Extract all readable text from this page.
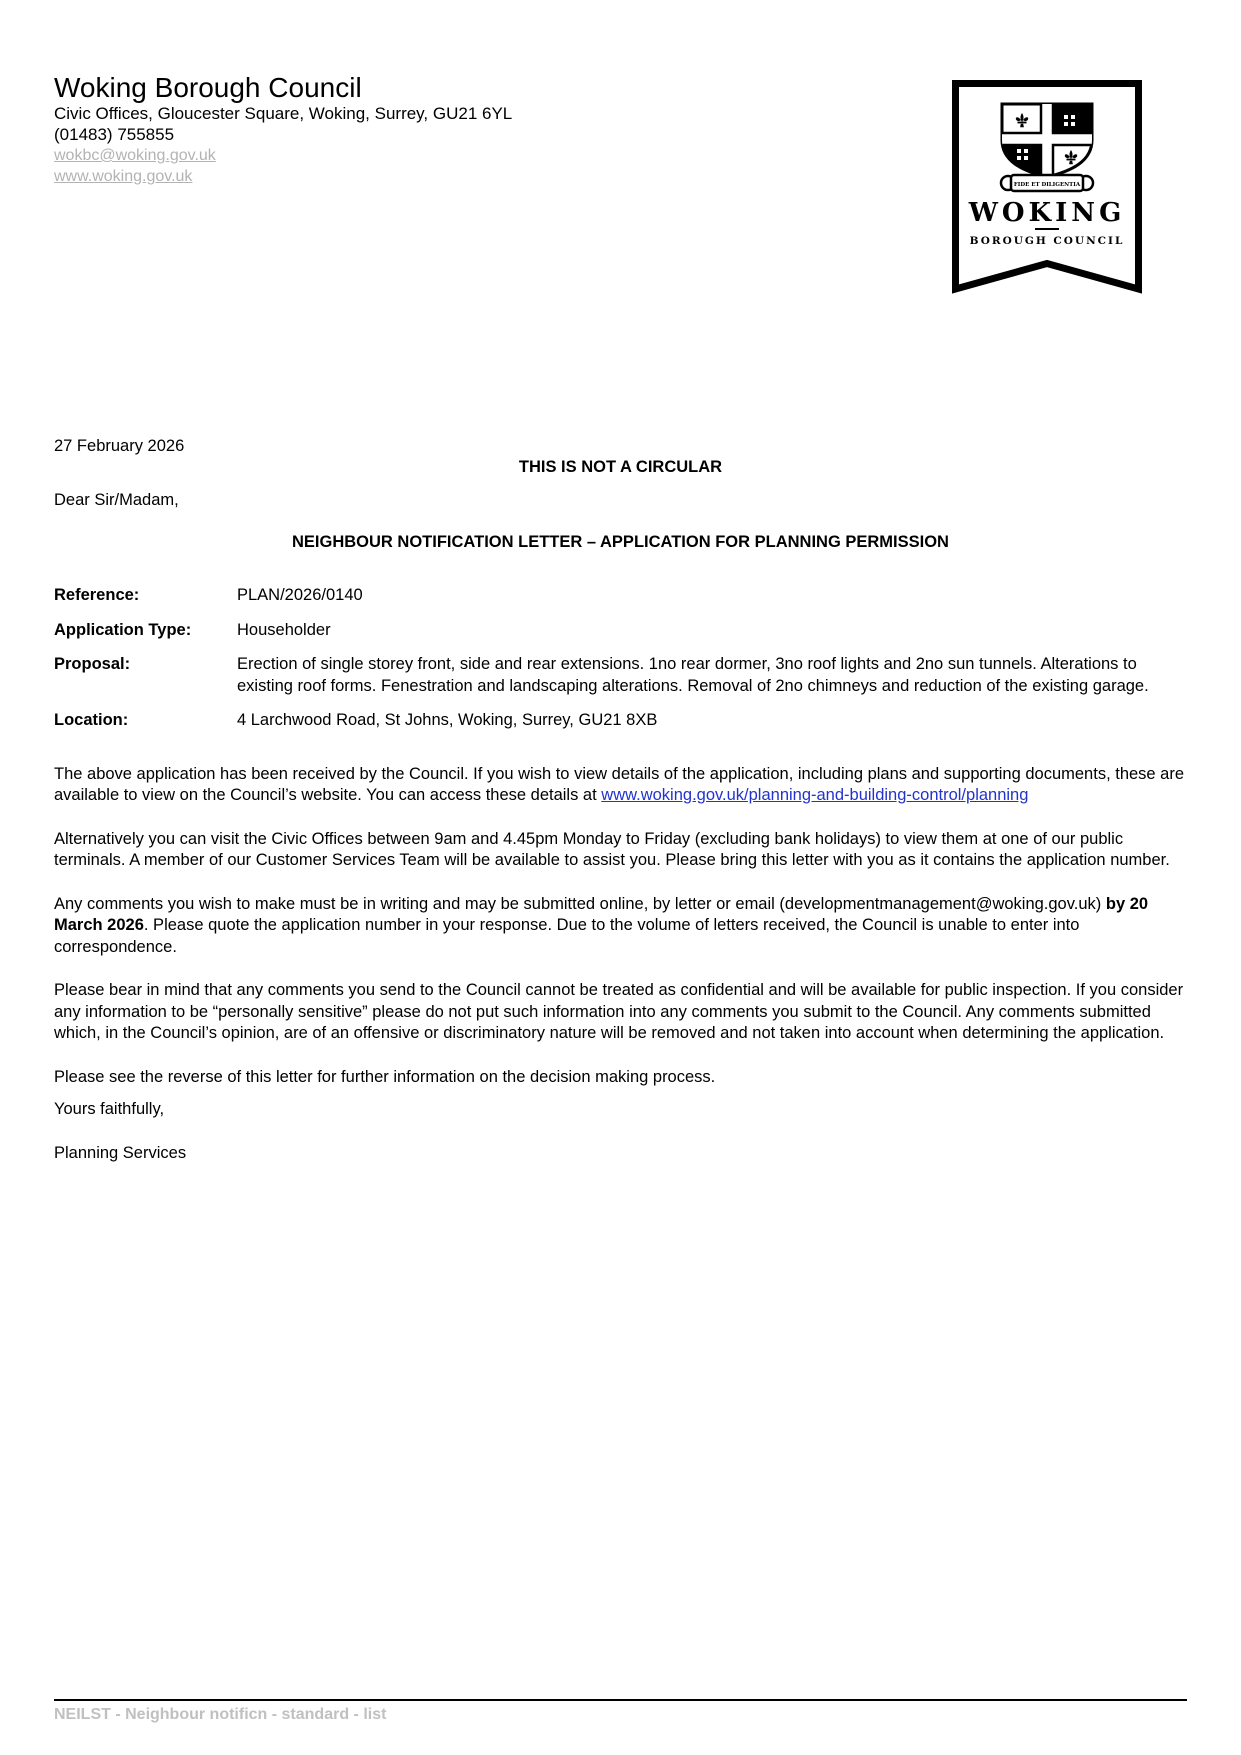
Woking Borough Council
Civic Offices, Gloucester Square, Woking, Surrey, GU21 6YL
(01483) 755855
wokbc@woking.gov.uk
www.woking.gov.uk
27 February 2026
THIS IS NOT A CIRCULAR
Dear Sir/Madam,
NEIGHBOUR NOTIFICATION LETTER – APPLICATION FOR PLANNING PERMISSION
Reference:	PLAN/2026/0140
Application Type:	Householder
Proposal:	Erection of single storey front, side and rear extensions. 1no rear dormer, 3no roof lights and 2no sun tunnels. Alterations to existing roof forms. Fenestration and landscaping alterations. Removal of 2no chimneys and reduction of the existing garage.
Location:	4 Larchwood Road, St Johns, Woking, Surrey, GU21 8XB

The above application has been received by the Council. If you wish to view details of the application, including plans and supporting documents, these are available to view on the Council’s website. You can access these details at www.woking.gov.uk/planning-and-building-control/planning

Alternatively you can visit the Civic Offices between 9am and 4.45pm Monday to Friday (excluding bank holidays) to view them at one of our public terminals. A member of our Customer Services Team will be available to assist you. Please bring this letter with you as it contains the application number.

Any comments you wish to make must be in writing and may be submitted online, by letter or email (developmentmanagement@woking.gov.uk) by 20 March 2026. Please quote the application number in your response. Due to the volume of letters received, the Council is unable to enter into correspondence.

Please bear in mind that any comments you send to the Council cannot be treated as confidential and will be available for public inspection. If you consider any information to be “personally sensitive” please do not put such information into any comments you submit to the Council. Any comments submitted which, in the Council’s opinion, are of an offensive or discriminatory nature will be removed and not taken into account when determining the application.

Please see the reverse of this letter for further information on the decision making process.

Yours faithfully,

Planning Services

FIDE ET DILIGENTIA
WOKING
BOROUGH COUNCIL
NEILST - Neighbour notificn - standard - list
